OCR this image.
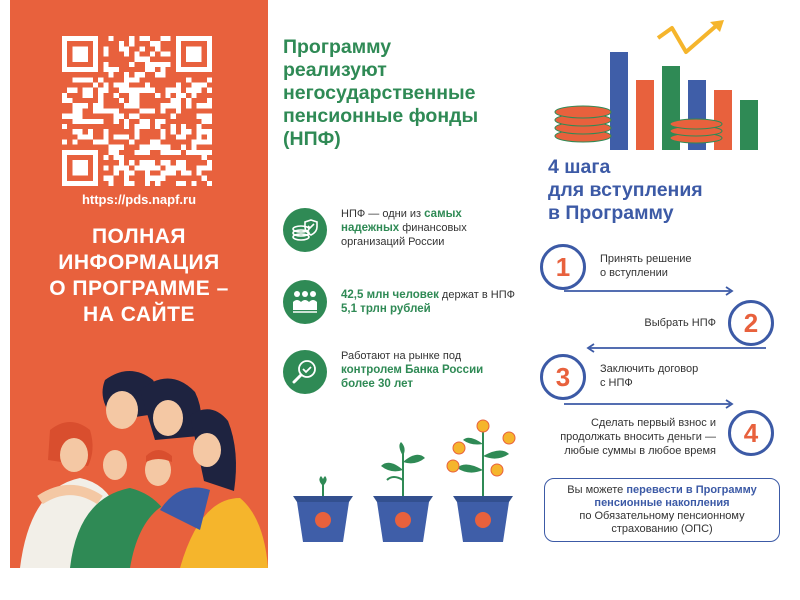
https://pds.napf.ru
ПОЛНАЯ
ИНФОРМАЦИЯ
О ПРОГРАММЕ –
НА САЙТЕ
Программу
реализуют
негосударственные
пенсионные фонды
(НПФ)
НПФ — одни из самых
надежных финансовых организаций России
42,5 млн человек держат в НПФ 5,1 трлн рублей
Работают на рынке под
контролем Банка России
более 30 лет
4 шага
для вступления
в Программу
1	Принять решение
о вступлении
2
Выбрать НПФ
3	Заключить договор
с НПФ
4
Сделать первый взнос и
продолжать вносить деньги —
любые суммы в любое время
Вы можете перевести в Программу
пенсионные накопления
по Обязательному пенсионному
страхованию (ОПС)
